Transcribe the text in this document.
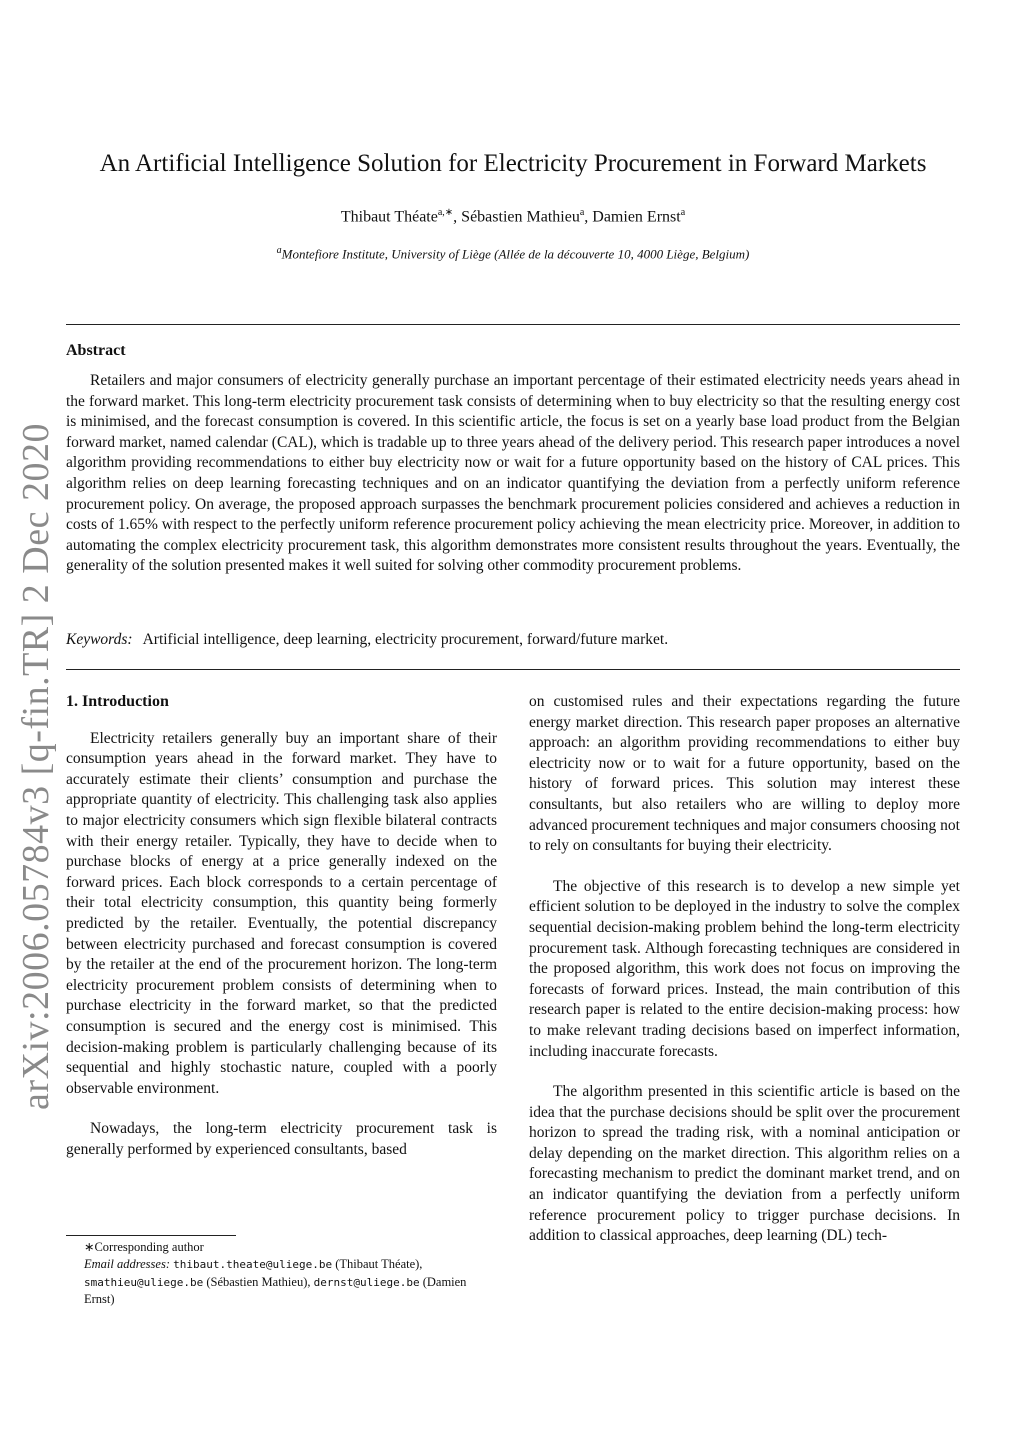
arXiv:2006.05784v3 [q-fin.TR] 2 Dec 2020
An Artificial Intelligence Solution for Electricity Procurement in Forward Markets
Thibaut Théate$^{a,∗}$, Sébastien Mathieu$^a$, Damien Ernst$^a$
$^a$Montefiore Institute, University of Liège (Allée de la découverte 10, 4000 Liège, Belgium)
Abstract

Retailers and major consumers of electricity generally purchase an important percentage of their estimated electricity needs years ahead in the forward market. This long-term electricity procurement task consists of determining when to buy electricity so that the resulting energy cost is minimised, and the forecast consumption is covered. In this scientific article, the focus is set on a yearly base load product from the Belgian forward market, named calendar (CAL), which is tradable up to three years ahead of the delivery period. This research paper introduces a novel algorithm providing recommendations to either buy electricity now or wait for a future opportunity based on the history of CAL prices. This algorithm relies on deep learning forecasting techniques and on an indicator quantifying the deviation from a perfectly uniform reference procurement policy. On average, the proposed approach surpasses the benchmark procurement policies considered and achieves a reduction in costs of 1.65% with respect to the perfectly uniform reference procurement policy achieving the mean electricity price. Moreover, in addition to automating the complex electricity procurement task, this algorithm demonstrates more consistent results throughout the years. Eventually, the generality of the solution presented makes it well suited for solving other commodity procurement problems.

Keywords: Artificial intelligence, deep learning, electricity procurement, forward/future market.
1. Introduction

Electricity retailers generally buy an important share of their consumption years ahead in the forward market. They have to accurately estimate their clients’ consumption and purchase the appropriate quantity of electricity. This challenging task also applies to major electricity consumers which sign flexible bilateral contracts with their energy retailer. Typically, they have to decide when to purchase blocks of energy at a price generally indexed on the forward prices. Each block corresponds to a certain percentage of their total electricity consumption, this quantity being formerly predicted by the retailer. Eventually, the potential discrepancy between electricity purchased and forecast consumption is covered by the retailer at the end of the procurement horizon. The long-term electricity procurement problem consists of determining when to purchase electricity in the forward market, so that the predicted consumption is secured and the energy cost is minimised. This decision-making problem is particularly challenging because of its sequential and highly stochastic nature, coupled with a poorly observable environment.

Nowadays, the long-term electricity procurement task is generally performed by experienced consultants, based

on customised rules and their expectations regarding the future energy market direction. This research paper proposes an alternative approach: an algorithm providing recommendations to either buy electricity now or to wait for a future opportunity, based on the history of forward prices. This solution may interest these consultants, but also retailers who are willing to deploy more advanced procurement techniques and major consumers choosing not to rely on consultants for buying their electricity.

The objective of this research is to develop a new simple yet efficient solution to be deployed in the industry to solve the complex sequential decision-making problem behind the long-term electricity procurement task. Although forecasting techniques are considered in the proposed algorithm, this work does not focus on improving the forecasts of forward prices. Instead, the main contribution of this research paper is related to the entire decision-making process: how to make relevant trading decisions based on imperfect information, including inaccurate forecasts.

The algorithm presented in this scientific article is based on the idea that the purchase decisions should be split over the procurement horizon to spread the trading risk, with a nominal anticipation or delay depending on the market direction. This algorithm relies on a forecasting mechanism to predict the dominant market trend, and on an indicator quantifying the deviation from a perfectly uniform reference procurement policy to trigger purchase decisions. In addition to classical approaches, deep learning (DL) tech-

∗Corresponding author
Email addresses: thibaut.theate@uliege.be (Thibaut Théate), smathieu@uliege.be (Sébastien Mathieu), dernst@uliege.be (Damien Ernst)
